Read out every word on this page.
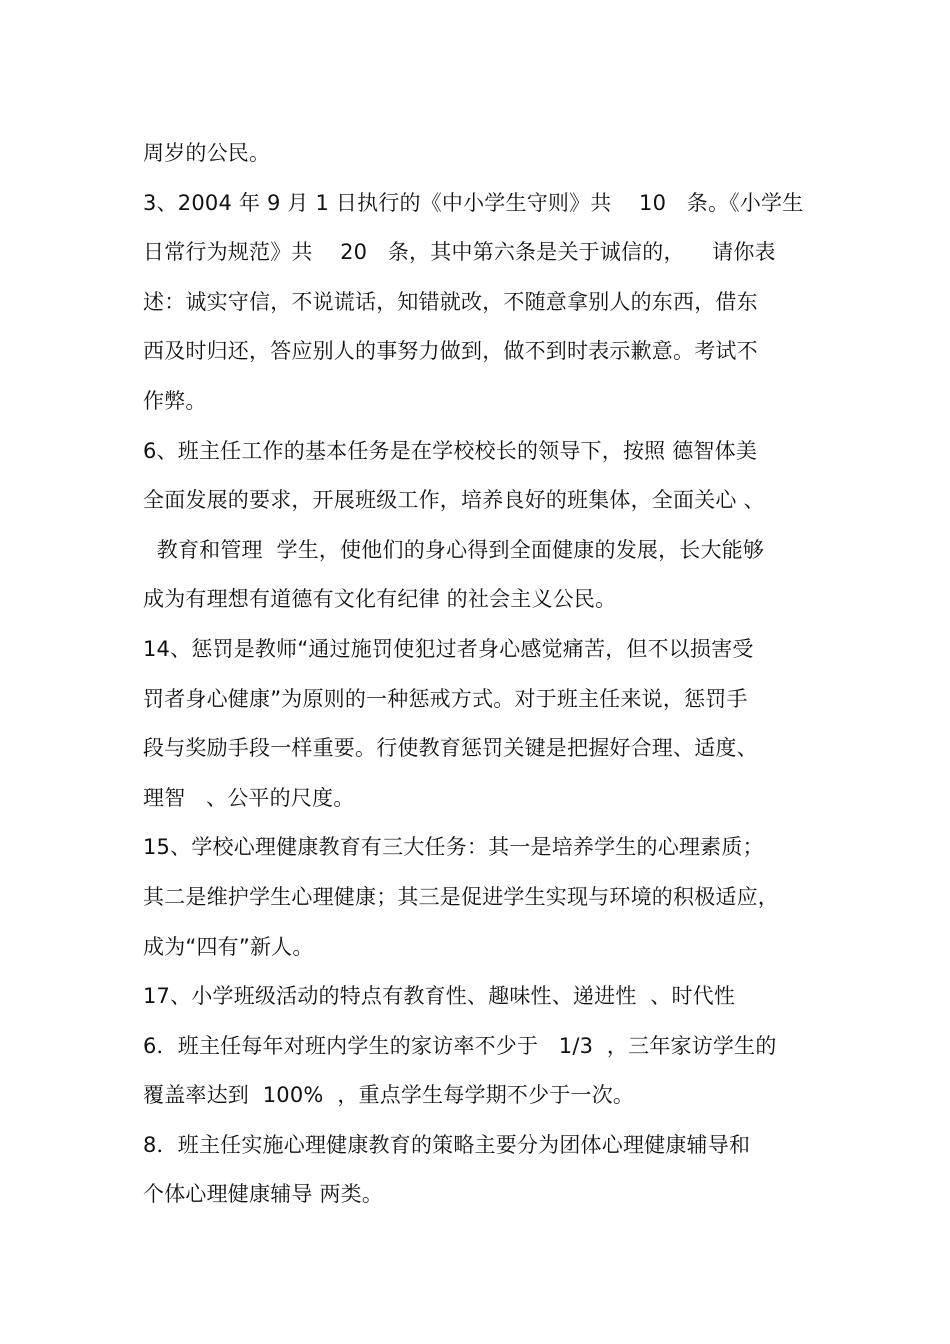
周岁的公民。
3、2004 年 9 月 1 日执行的《中小学生守则》共    10   条。《小学生
日常行为规范》共    20   条，其中第六条是关于诚信的，    请你表
述：诚实守信，不说谎话，知错就改，不随意拿别人的东西，借东
西及时归还，答应别人的事努力做到，做不到时表示歉意。考试不
作弊。
6、班主任工作的基本任务是在学校校长的领导下，按照 德智体美
全面发展的要求，开展班级工作，培养良好的班集体，全面关心 、
教育和管理  学生，使他们的身心得到全面健康的发展，长大能够
成为有理想有道德有文化有纪律 的社会主义公民。
14、惩罚是教师“通过施罚使犯过者身心感觉痛苦，但不以损害受
罚者身心健康”为原则的一种惩戒方式。对于班主任来说，惩罚手
段与奖励手段一样重要。行使教育惩罚关键是把握好合理、适度、
理智   、公平的尺度。
15、学校心理健康教育有三大任务：其一是培养学生的心理素质；
其二是维护学生心理健康；其三是促进学生实现与环境的积极适应，
成为“四有”新人。
17、小学班级活动的特点有教育性、趣味性、递进性  、时代性
6．班主任每年对班内学生的家访率不少于   1/3  ，三年家访学生的
覆盖率达到  100%  ，重点学生每学期不少于一次。
8．班主任实施心理健康教育的策略主要分为团体心理健康辅导和
个体心理健康辅导 两类。
